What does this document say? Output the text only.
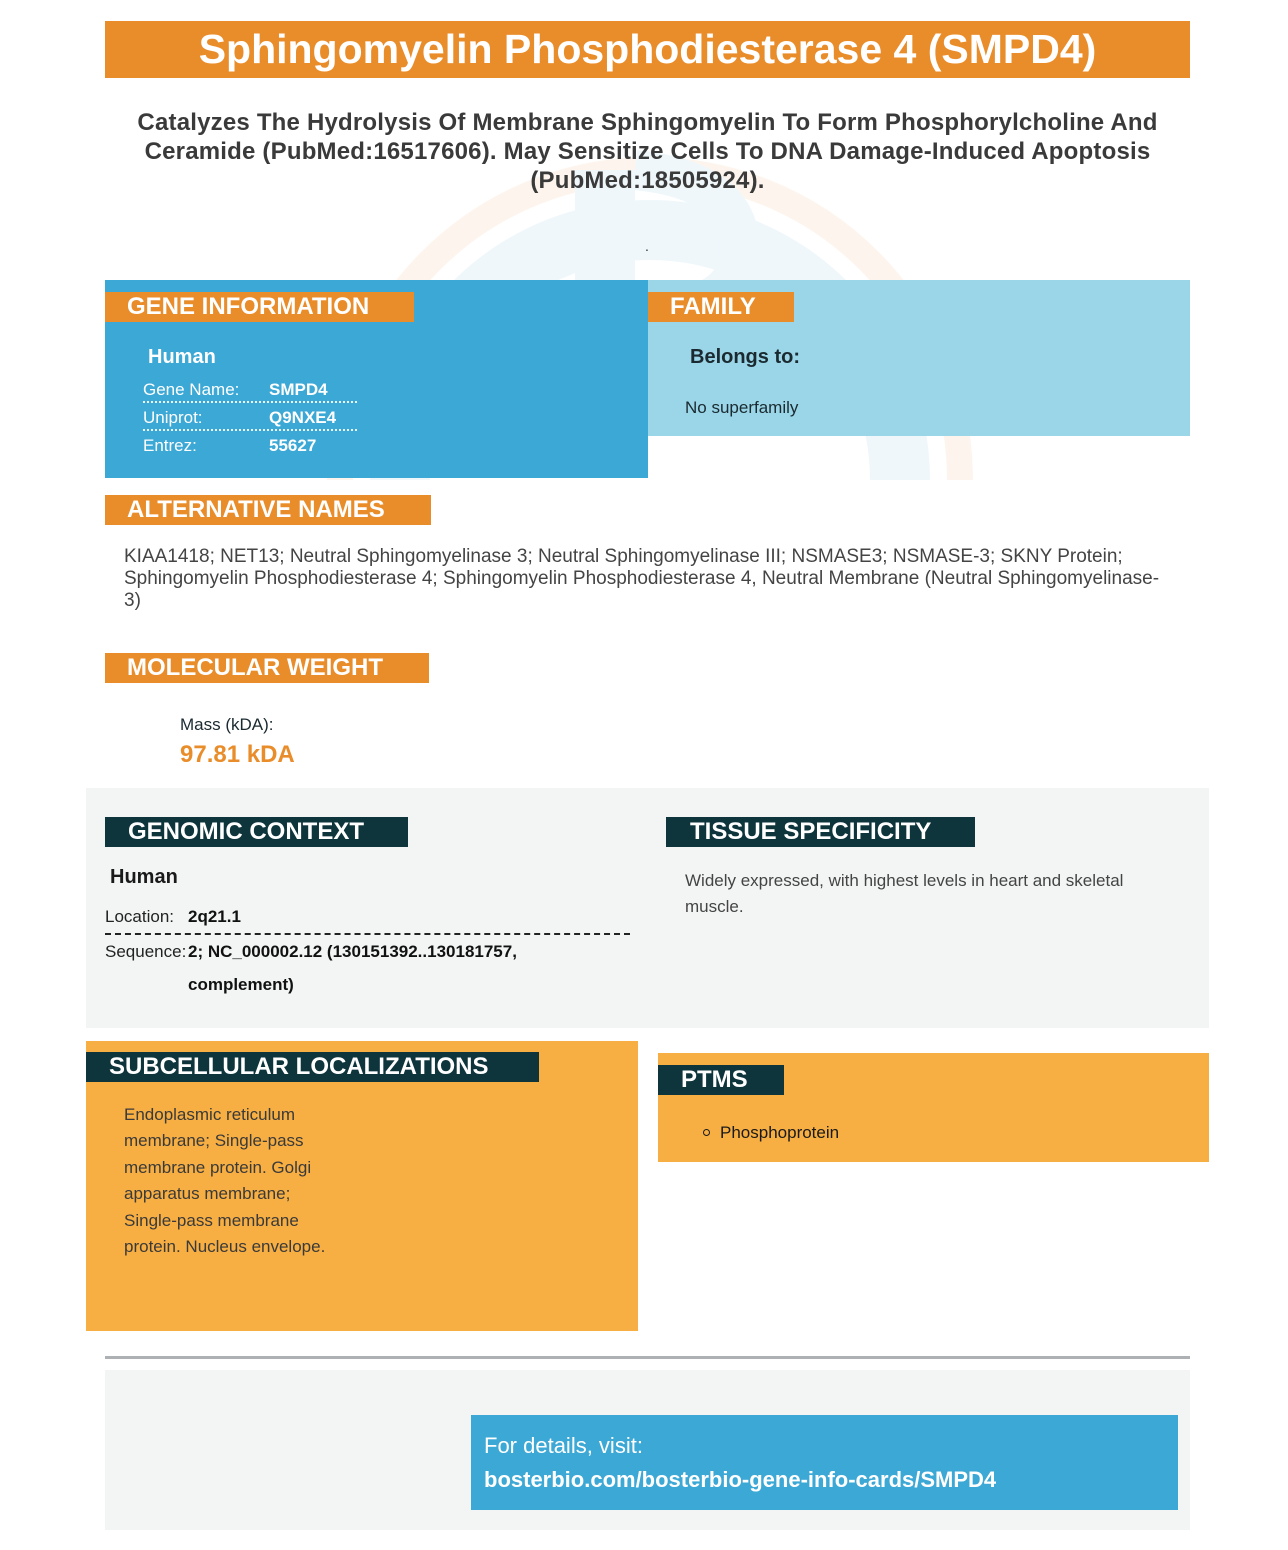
Sphingomyelin Phosphodiesterase 4 (SMPD4)
Catalyzes The Hydrolysis Of Membrane Sphingomyelin To Form Phosphorylcholine And Ceramide (PubMed:16517606). May Sensitize Cells To DNA Damage-Induced Apoptosis (PubMed:18505924).
.
GENE INFORMATION
Human
Gene Name: SMPD4
Uniprot:	Q9NXE4
Entrez:	55627
FAMILY
Belongs to:
No superfamily
ALTERNATIVE NAMES
KIAA1418; NET13; Neutral Sphingomyelinase 3; Neutral Sphingomyelinase III; NSMASE3; NSMASE-3; SKNY Protein; Sphingomyelin Phosphodiesterase 4; Sphingomyelin Phosphodiesterase 4, Neutral Membrane (Neutral Sphingomyelinase-3)
MOLECULAR WEIGHT
Mass (kDA):
97.81 kDA
GENOMIC CONTEXT
Human
Location: 2q21.1
Sequence: 2; NC_000002.12 (130151392..130181757, complement)
TISSUE SPECIFICITY
Widely expressed, with highest levels in heart and skeletal muscle.
SUBCELLULAR LOCALIZATIONS
Endoplasmic reticulum membrane; Single-pass membrane protein. Golgi apparatus membrane; Single-pass membrane protein. Nucleus envelope.
PTMS
Phosphoprotein
For details, visit:
bosterbio.com/bosterbio-gene-info-cards/SMPD4
